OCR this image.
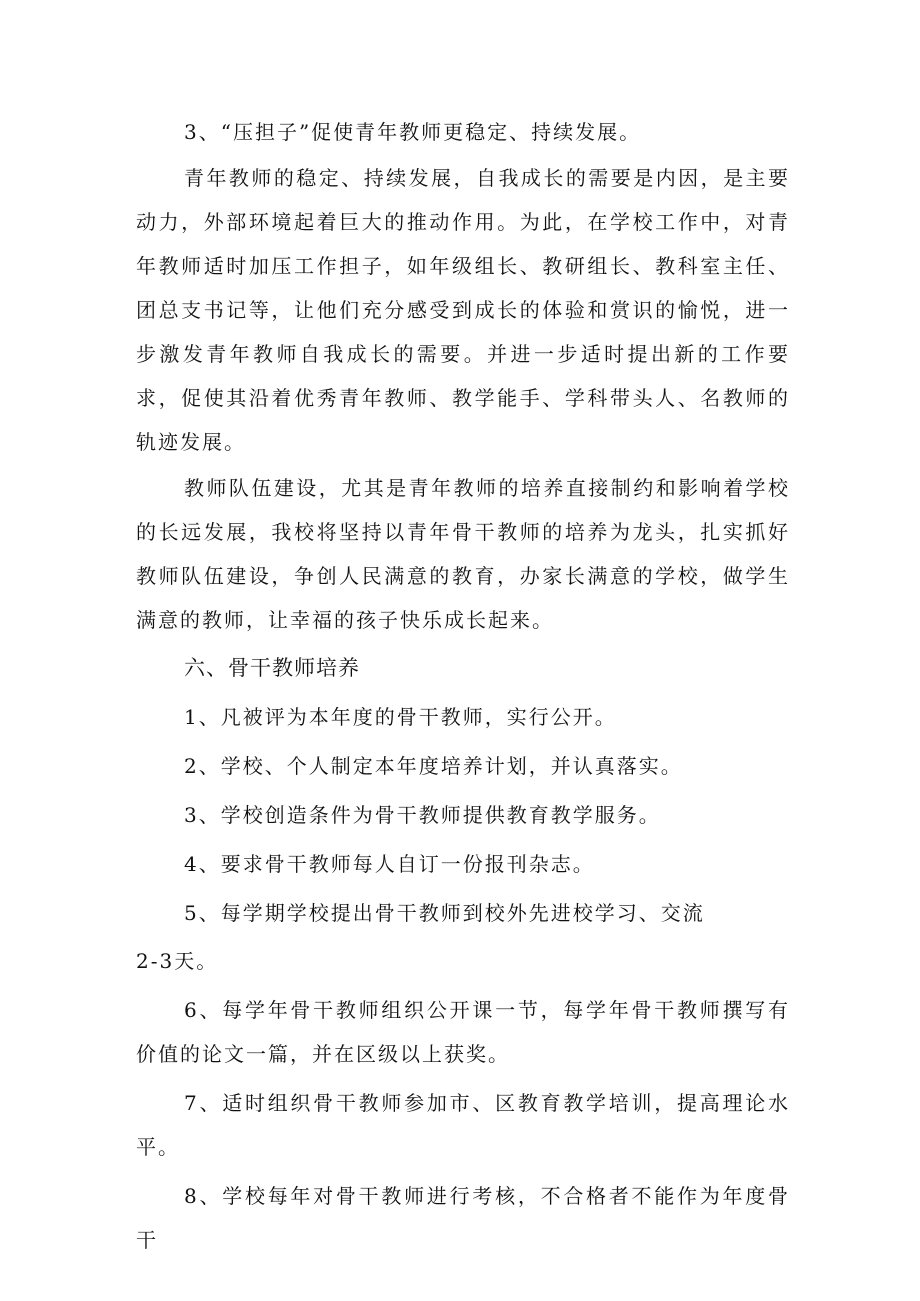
3、“压担子”促使青年教师更稳定、持续发展。

青年教师的稳定、持续发展，自我成长的需要是内因，是主要动力，外部环境起着巨大的推动作用。为此，在学校工作中，对青年教师适时加压工作担子，如年级组长、教研组长、教科室主任、团总支书记等，让他们充分感受到成长的体验和赏识的愉悦，进一步激发青年教师自我成长的需要。并进一步适时提出新的工作要求，促使其沿着优秀青年教师、教学能手、学科带头人、名教师的轨迹发展。

教师队伍建设，尤其是青年教师的培养直接制约和影响着学校的长远发展，我校将坚持以青年骨干教师的培养为龙头，扎实抓好教师队伍建设，争创人民满意的教育，办家长满意的学校，做学生满意的教师，让幸福的孩子快乐成长起来。

六、骨干教师培养

1、凡被评为本年度的骨干教师，实行公开。

2、学校、个人制定本年度培养计划，并认真落实。

3、学校创造条件为骨干教师提供教育教学服务。

4、要求骨干教师每人自订一份报刊杂志。

5、每学期学校提出骨干教师到校外先进校学习、交流

2-3天。

6、每学年骨干教师组织公开课一节，每学年骨干教师撰写有价值的论文一篇，并在区级以上获奖。

7、适时组织骨干教师参加市、区教育教学培训，提高理论水平。

8、学校每年对骨干教师进行考核，不合格者不能作为年度骨干
